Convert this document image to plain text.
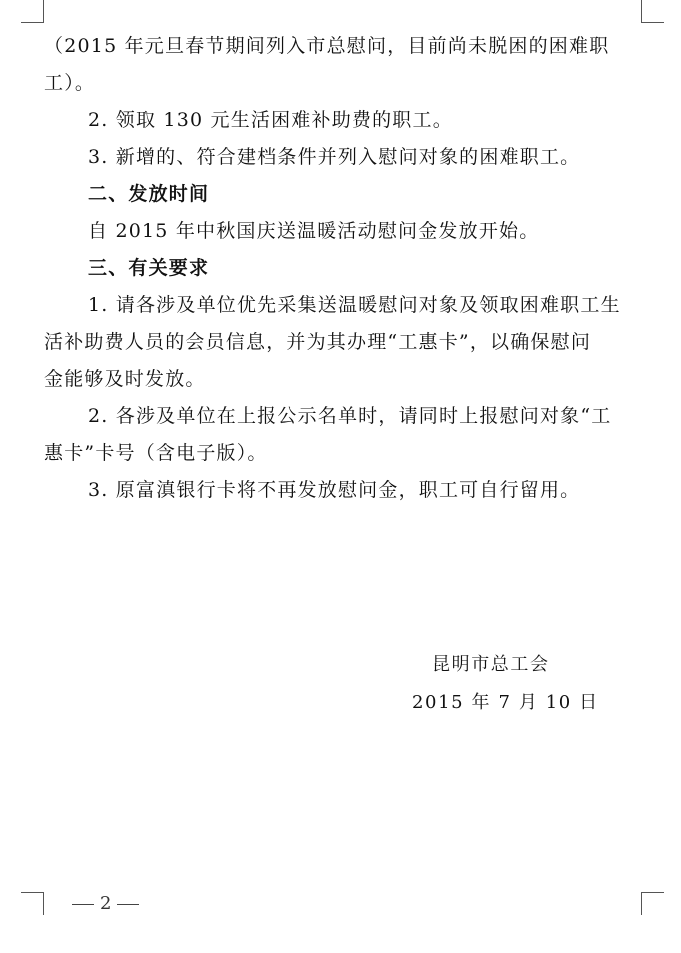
（2015 年元旦春节期间列入市总慰问，目前尚未脱困的困难职

工）。

2. 领取 130 元生活困难补助费的职工。

3. 新增的、符合建档条件并列入慰问对象的困难职工。

二、发放时间

自 2015 年中秋国庆送温暖活动慰问金发放开始。

三、有关要求

1. 请各涉及单位优先采集送温暖慰问对象及领取困难职工生

活补助费人员的会员信息，并为其办理“工惠卡”，以确保慰问

金能够及时发放。

2. 各涉及单位在上报公示名单时，请同时上报慰问对象“工

惠卡”卡号（含电子版）。

3. 原富滇银行卡将不再发放慰问金，职工可自行留用。

昆明市总工会
2015 年 7 月 10 日
2
